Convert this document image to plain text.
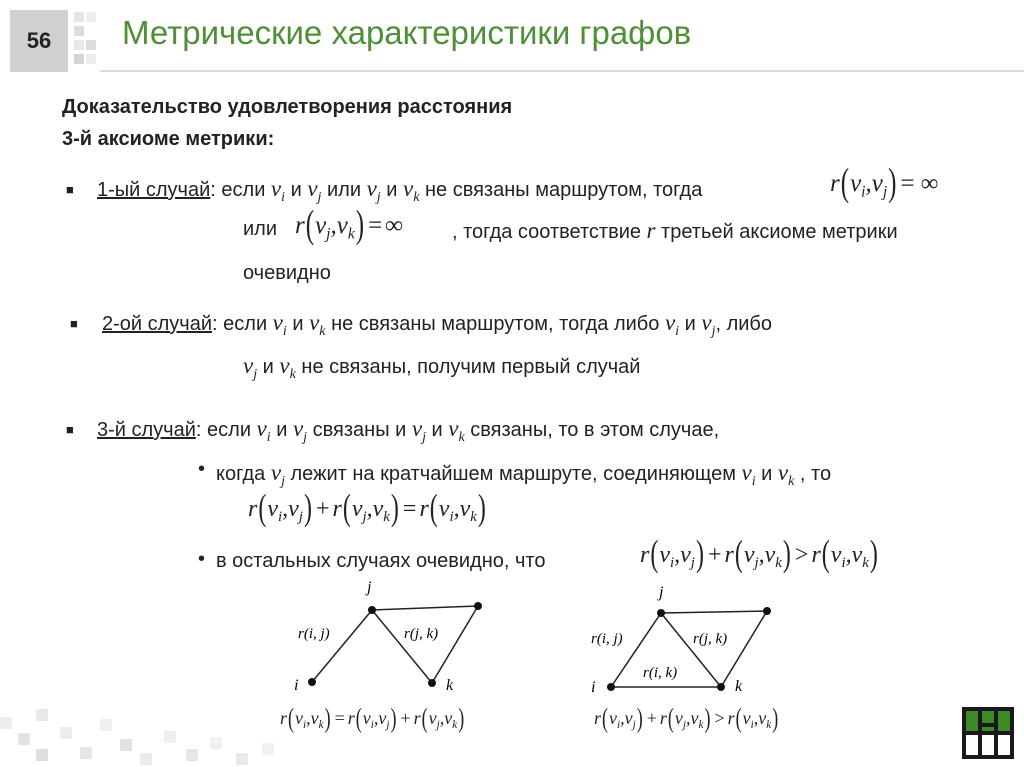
56	Метрические характеристики графов
Доказательство удовлетворения расстояния
3-й аксиоме метрики:
■ 1-ый случай: если $v_i$ и $v_j$ или $v_j$ и $v_k$ не связаны маршрутом, тогда	$r(v_i,v_j)$ = ∞
или $r(v_j,v_k)$ = ∞ , тогда соответствие r третьей аксиоме метрики
очевидно
■ 2-ой случай: если $v_i$ и $v_k$ не связаны маршрутом, тогда либо $v_i$ и $v_j$, либо
$v_j$ и $v_k$ не связаны, получим первый случай
■ 3-й случай: если $v_i$ и $v_j$ связаны и $v_j$ и $v_k$ связаны, то в этом случае,
• когда $v_j$ лежит на кратчайшем маршруте, соединяющем $v_i$ и $v_k$ , то
$r(v_i,v_j) + r(v_j,v_k) = r(v_i,v_k)$
• в остальных случаях очевидно, что	$r(v_i,v_j) + r(v_j,v_k) > r(v_i,v_k)$
j
i	k
r(i, j)	r(j, k)
$r(v_i,v_k) = r(v_i,v_j) + r(v_j,v_k)$
j
i	k
r(i, j)	r(j, k)
r(i, k)
$r(v_i,v_j) + r(v_j,v_k) > r(v_i,v_k)$
